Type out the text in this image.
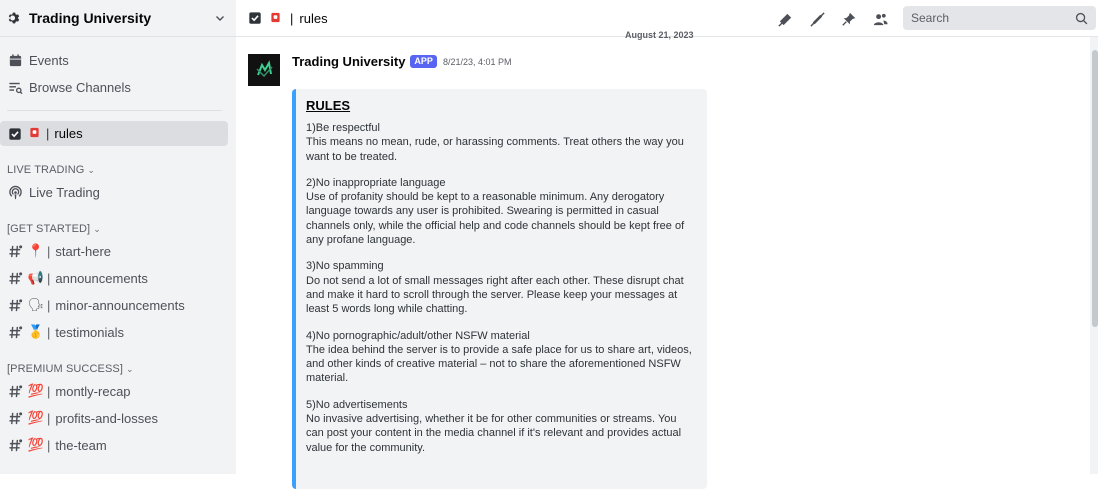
Trading University
Events
Browse Channels
| rules
LIVE TRADING ⌄
Live Trading
[GET STARTED] ⌄
📍 | start-here
📢 | announcements
🗣 | minor-announcements
🥇 | testimonials
[PREMIUM SUCCESS] ⌄
💯 | montly-recap
💯 | profits-and-losses
💯 | the-team
| rules
Search
August 21, 2023
Trading University	APP	8/21/23, 4:01 PM
RULES
1)Be respectful
This means no mean, rude, or harassing comments. Treat others the way you want to be treated.
2)No inappropriate language
Use of profanity should be kept to a reasonable minimum. Any derogatory language towards any user is prohibited. Swearing is permitted in casual channels only, while the official help and code channels should be kept free of any profane language.
3)No spamming
Do not send a lot of small messages right after each other. These disrupt chat and make it hard to scroll through the server. Please keep your messages at least 5 words long while chatting.
4)No pornographic/adult/other NSFW material
The idea behind the server is to provide a safe place for us to share art, videos, and other kinds of creative material – not to share the aforementioned NSFW material.
5)No advertisements
No invasive advertising, whether it be for other communities or streams. You can post your content in the media channel if it's relevant and provides actual value for the community.
